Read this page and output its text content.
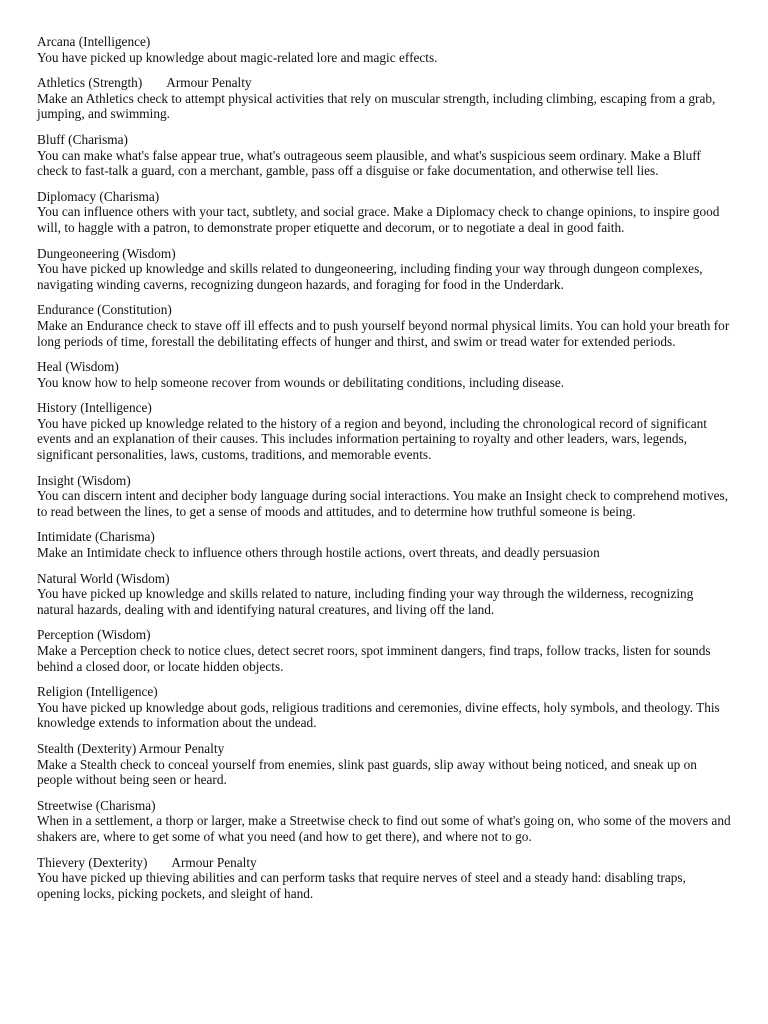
Arcana (Intelligence)
You have picked up knowledge about magic-related lore and magic effects.
Athletics (Strength) Armour Penalty
Make an Athletics check to attempt physical activities that rely on muscular strength, including climbing, escaping from a grab, jumping, and swimming.
Bluff (Charisma)
You can make what's false appear true, what's outrageous seem plausible, and what's suspicious seem ordinary. Make a Bluff check to fast-talk a guard, con a merchant, gamble, pass off a disguise or fake documentation, and otherwise tell lies.
Diplomacy (Charisma)
You can influence others with your tact, subtlety, and social grace. Make a Diplomacy check to change opinions, to inspire good will, to haggle with a patron, to demonstrate proper etiquette and decorum, or to negotiate a deal in good faith.
Dungeoneering (Wisdom)
You have picked up knowledge and skills related to dungeoneering, including finding your way through dungeon complexes, navigating winding caverns, recognizing dungeon hazards, and foraging for food in the Underdark.
Endurance (Constitution)
Make an Endurance check to stave off ill effects and to push yourself beyond normal physical limits. You can hold your breath for long periods of time, forestall the debilitating effects of hunger and thirst, and swim or tread water for extended periods.
Heal (Wisdom)
You know how to help someone recover from wounds or debilitating conditions, including disease.
History (Intelligence)
You have picked up knowledge related to the history of a region and beyond, including the chronological record of significant events and an explanation of their causes. This includes information pertaining to royalty and other leaders, wars, legends, significant personalities, laws, customs, traditions, and memorable events.
Insight (Wisdom)
You can discern intent and decipher body language during social interactions. You make an Insight check to comprehend motives, to read between the lines, to get a sense of moods and attitudes, and to determine how truthful someone is being.
Intimidate (Charisma)
Make an Intimidate check to influence others through hostile actions, overt threats, and deadly persuasion
Natural World (Wisdom)
You have picked up knowledge and skills related to nature, including finding your way through the wilderness, recognizing natural hazards, dealing with and identifying natural creatures, and living off the land.
Perception (Wisdom)
Make a Perception check to notice clues, detect secret roors, spot imminent dangers, find traps, follow tracks, listen for sounds behind a closed door, or locate hidden objects.
Religion (Intelligence)
You have picked up knowledge about gods, religious traditions and ceremonies, divine effects, holy symbols, and theology. This knowledge extends to information about the undead.
Stealth (Dexterity) Armour Penalty
Make a Stealth check to conceal yourself from enemies, slink past guards, slip away without being noticed, and sneak up on people without being seen or heard.
Streetwise (Charisma)
When in a settlement, a thorp or larger, make a Streetwise check to find out some of what's going on, who some of the movers and shakers are, where to get some of what you need (and how to get there), and where not to go.
Thievery (Dexterity) Armour Penalty
You have picked up thieving abilities and can perform tasks that require nerves of steel and a steady hand: disabling traps, opening locks, picking pockets, and sleight of hand.
